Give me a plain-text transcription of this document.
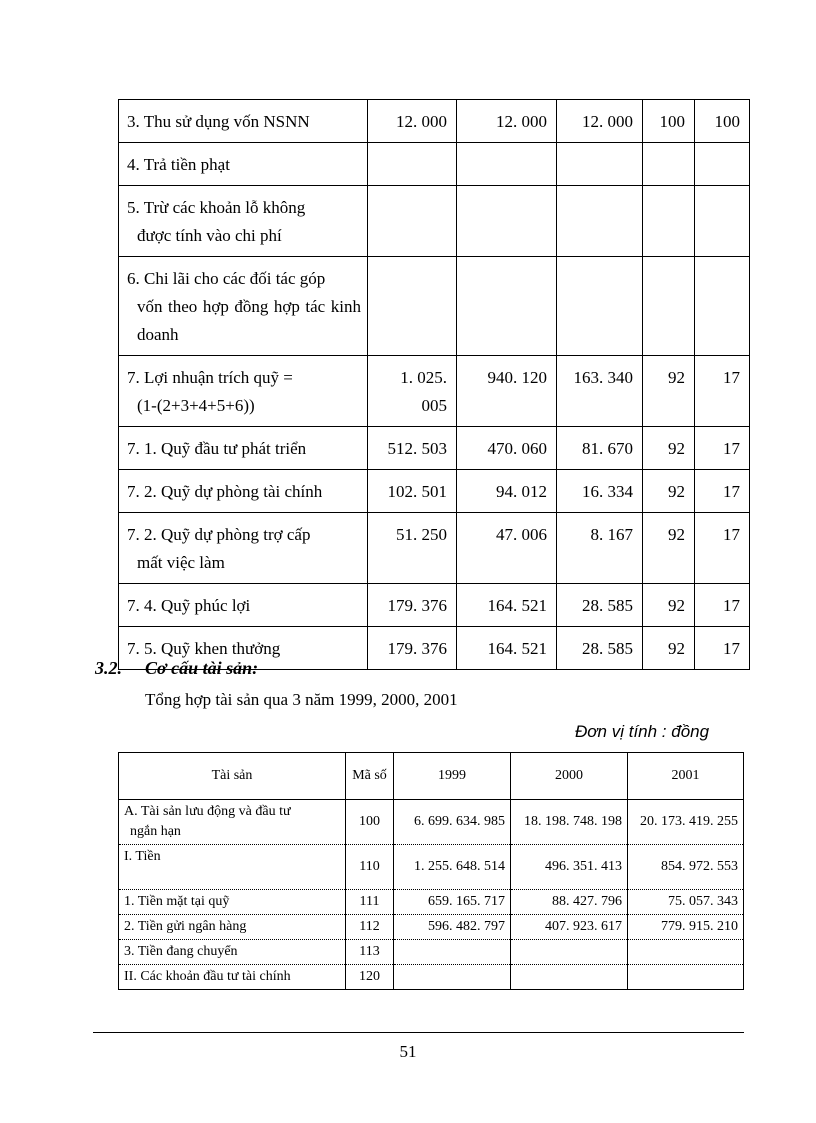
3. Thu sử dụng vốn NSNN	12. 000	12. 000	12. 000	100	100
4. Trả tiền phạt					
5. Trừ các khoản lỗ không
được tính vào chi phí					

6. Chi lãi cho các đối tác góp
vốn theo hợp đồng hợp tác kinh doanh					

7. Lợi nhuận trích quỹ =
(1-(2+3+4+5+6))	1. 025. 005	940. 120	163. 340	92	17
7. 1. Quỹ đầu tư phát triển	512. 503	470. 060	81. 670	92	17
7. 2. Quỹ dự phòng tài chính	102. 501	94. 012	16. 334	92	17
7. 2. Quỹ dự phòng trợ cấp
mất việc làm	51. 250	47. 006	8. 167	92	17
7. 4. Quỹ phúc lợi	179. 376	164. 521	28. 585	92	17
7. 5. Quỹ khen thưởng	179. 376	164. 521	28. 585	92	17
3.2. Cơ cấu tài sản:
Tổng hợp tài sản qua 3 năm 1999, 2000, 2001
Đơn vị tính : đồng
Tài sản	Mã số	1999	2000	2001
A. Tài sản lưu động và đầu tư
ngắn hạn	100	6. 699. 634. 985	18. 198. 748. 198	20. 173. 419. 255
I. Tiền	110	1. 255. 648. 514	496. 351. 413	854. 972. 553
1. Tiền mặt tại quỹ	111	659. 165. 717	88. 427. 796	75. 057. 343
2. Tiền gửi ngân hàng	112	596. 482. 797	407. 923. 617	779. 915. 210
3. Tiền đang chuyển	113			
II. Các khoản đầu tư tài chính	120			
51
